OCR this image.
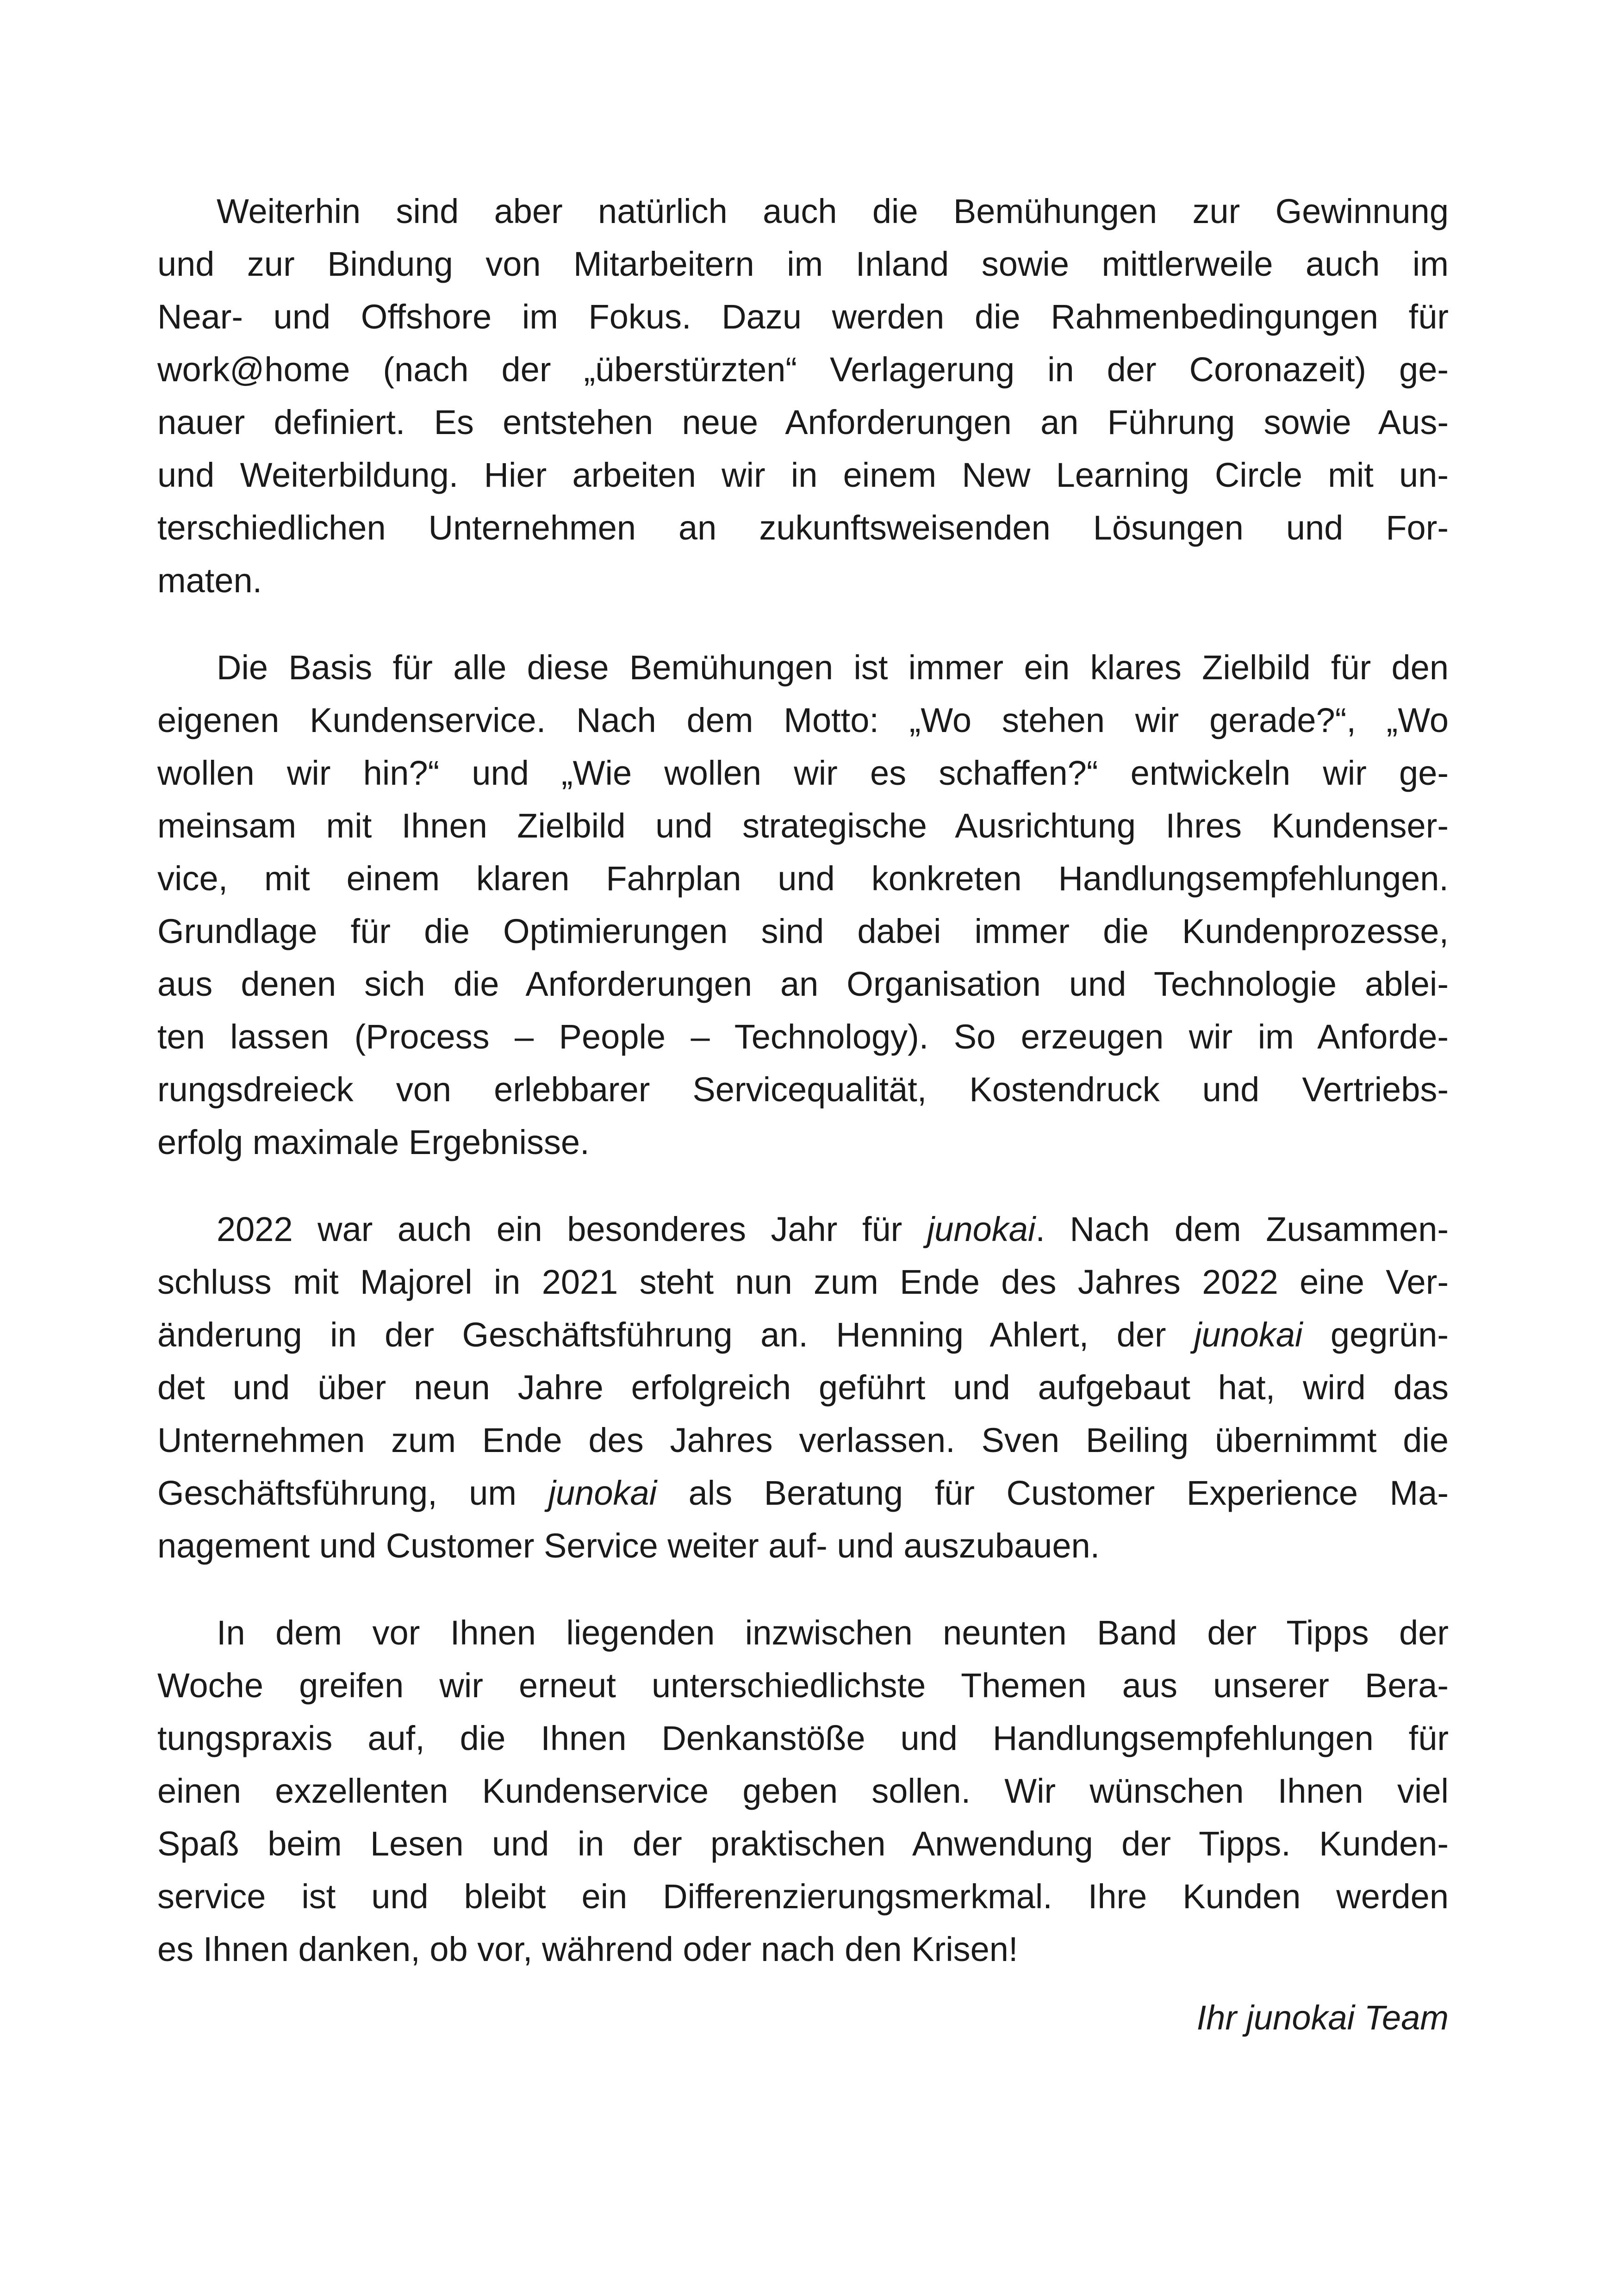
Weiterhin sind aber natürlich auch die Bemühungen zur Gewinnung
und zur Bindung von Mitarbeitern im Inland sowie mittlerweile auch im
Near- und Offshore im Fokus. Dazu werden die Rahmenbedingungen für
work@home (nach der „überstürzten“ Verlagerung in der Coronazeit) ge-
nauer definiert. Es entstehen neue Anforderungen an Führung sowie Aus-
und Weiterbildung. Hier arbeiten wir in einem New Learning Circle mit un-
terschiedlichen Unternehmen an zukunftsweisenden Lösungen und For-
maten.

Die Basis für alle diese Bemühungen ist immer ein klares Zielbild für den
eigenen Kundenservice. Nach dem Motto: „Wo stehen wir gerade?“, „Wo
wollen wir hin?“ und „Wie wollen wir es schaffen?“ entwickeln wir ge-
meinsam mit Ihnen Zielbild und strategische Ausrichtung Ihres Kundenser-
vice, mit einem klaren Fahrplan und konkreten Handlungsempfehlungen.
Grundlage für die Optimierungen sind dabei immer die Kundenprozesse,
aus denen sich die Anforderungen an Organisation und Technologie ablei-
ten lassen (Process – People – Technology). So erzeugen wir im Anforde-
rungsdreieck von erlebbarer Servicequalität, Kostendruck und Vertriebs-
erfolg maximale Ergebnisse.

2022 war auch ein besonderes Jahr für junokai. Nach dem Zusammen-
schluss mit Majorel in 2021 steht nun zum Ende des Jahres 2022 eine Ver-
änderung in der Geschäftsführung an. Henning Ahlert, der junokai gegrün-
det und über neun Jahre erfolgreich geführt und aufgebaut hat, wird das
Unternehmen zum Ende des Jahres verlassen. Sven Beiling übernimmt die
Geschäftsführung, um junokai als Beratung für Customer Experience Ma-
nagement und Customer Service weiter auf- und auszubauen.

In dem vor Ihnen liegenden inzwischen neunten Band der Tipps der
Woche greifen wir erneut unterschiedlichste Themen aus unserer Bera-
tungspraxis auf, die Ihnen Denkanstöße und Handlungsempfehlungen für
einen exzellenten Kundenservice geben sollen. Wir wünschen Ihnen viel
Spaß beim Lesen und in der praktischen Anwendung der Tipps. Kunden-
service ist und bleibt ein Differenzierungsmerkmal. Ihre Kunden werden
es Ihnen danken, ob vor, während oder nach den Krisen!

Ihr junokai Team
